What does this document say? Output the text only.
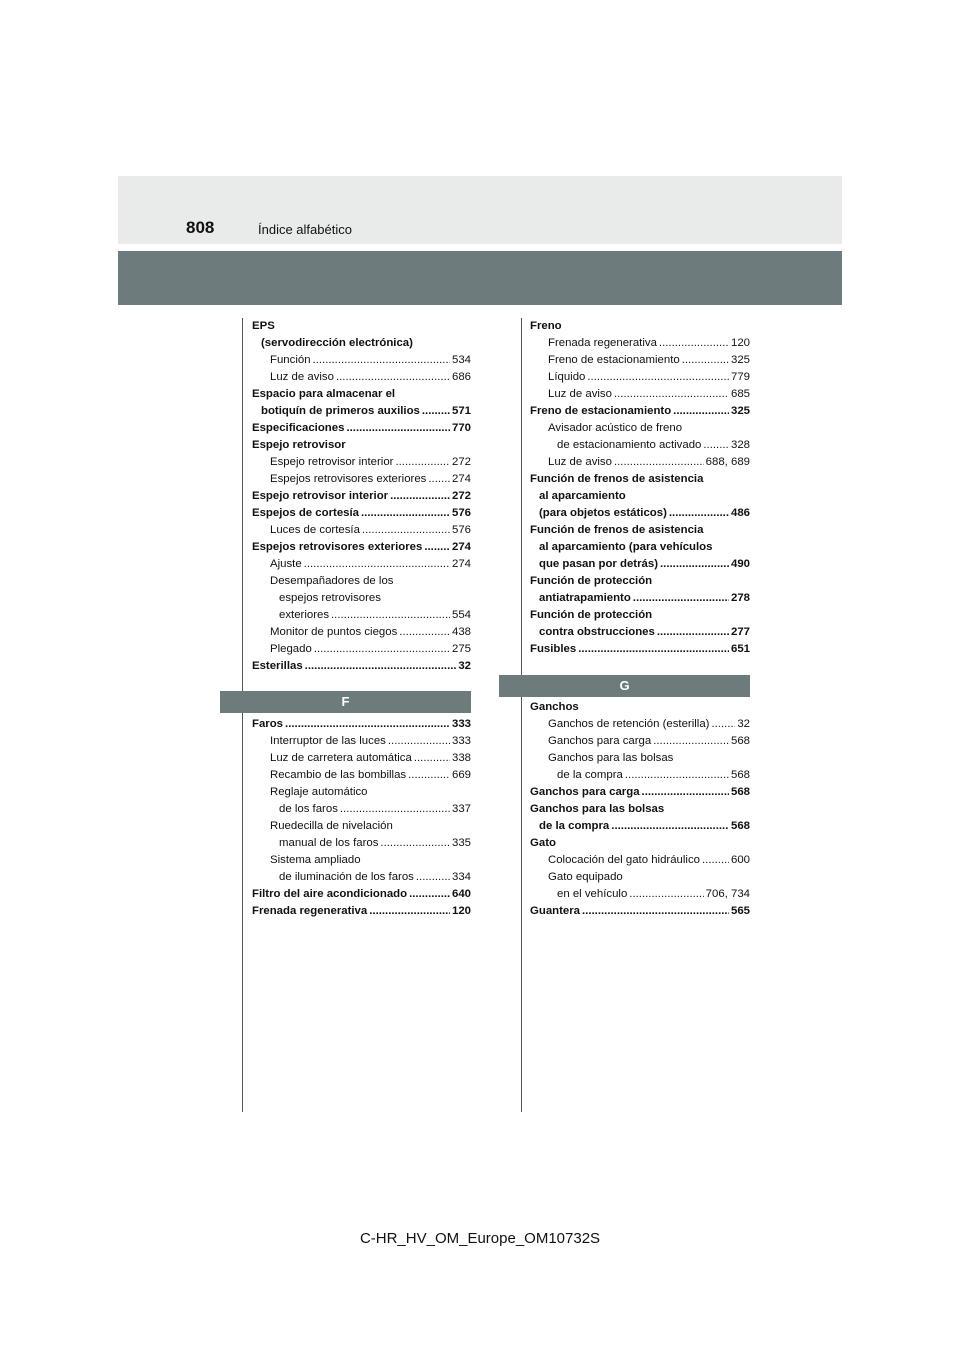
808	Índice alfabético
EPS
(servodirección electrónica)
Función .....	534
Luz de aviso .....	686
Espacio para almacenar el
botiquín de primeros auxilios .....	571
Especificaciones .....	770
Espejo retrovisor
Espejo retrovisor interior .....	272
Espejos retrovisores exteriores ..... 274
Espejo retrovisor interior .....	272
Espejos de cortesía .....	576
Luces de cortesía .....	576
Espejos retrovisores exteriores .....	274
Ajuste .....	274
Desempañadores de los
espejos retrovisores
exteriores .....	554
Monitor de puntos ciegos .....	438
Plegado .....	275
Esterillas .....	32
F
Faros .....	333
Interruptor de las luces .....	333
Luz de carretera automática .....	338
Recambio de las bombillas .....	669
Reglaje automático
de los faros .....	337
Ruedecilla de nivelación
manual de los faros .....	335
Sistema ampliado
de iluminación de los faros .....	334
Filtro del aire acondicionado .....	640
Frenada regenerativa .....	120
Freno
Frenada regenerativa .....	120
Freno de estacionamiento .....	325
Líquido .....	779
Luz de aviso .....	685
Freno de estacionamiento .....	325
Avisador acústico de freno
de estacionamiento activado .....	328
Luz de aviso .....	688, 689
Función de frenos de asistencia
al aparcamiento
(para objetos estáticos) .....	486
Función de frenos de asistencia
al aparcamiento (para vehículos
que pasan por detrás) .....	490
Función de protección
antiatrapamiento .....	278
Función de protección
contra obstrucciones .....	277
Fusibles .....	651
G
Ganchos
Ganchos de retención (esterilla) ..... 32
Ganchos para carga .....	568
Ganchos para las bolsas
de la compra .....	568
Ganchos para carga .....	568
Ganchos para las bolsas
de la compra .....	568
Gato
Colocación del gato hidráulico .....	600
Gato equipado
en el vehículo .....	706, 734
Guantera .....	565
C-HR_HV_OM_Europe_OM10732S
